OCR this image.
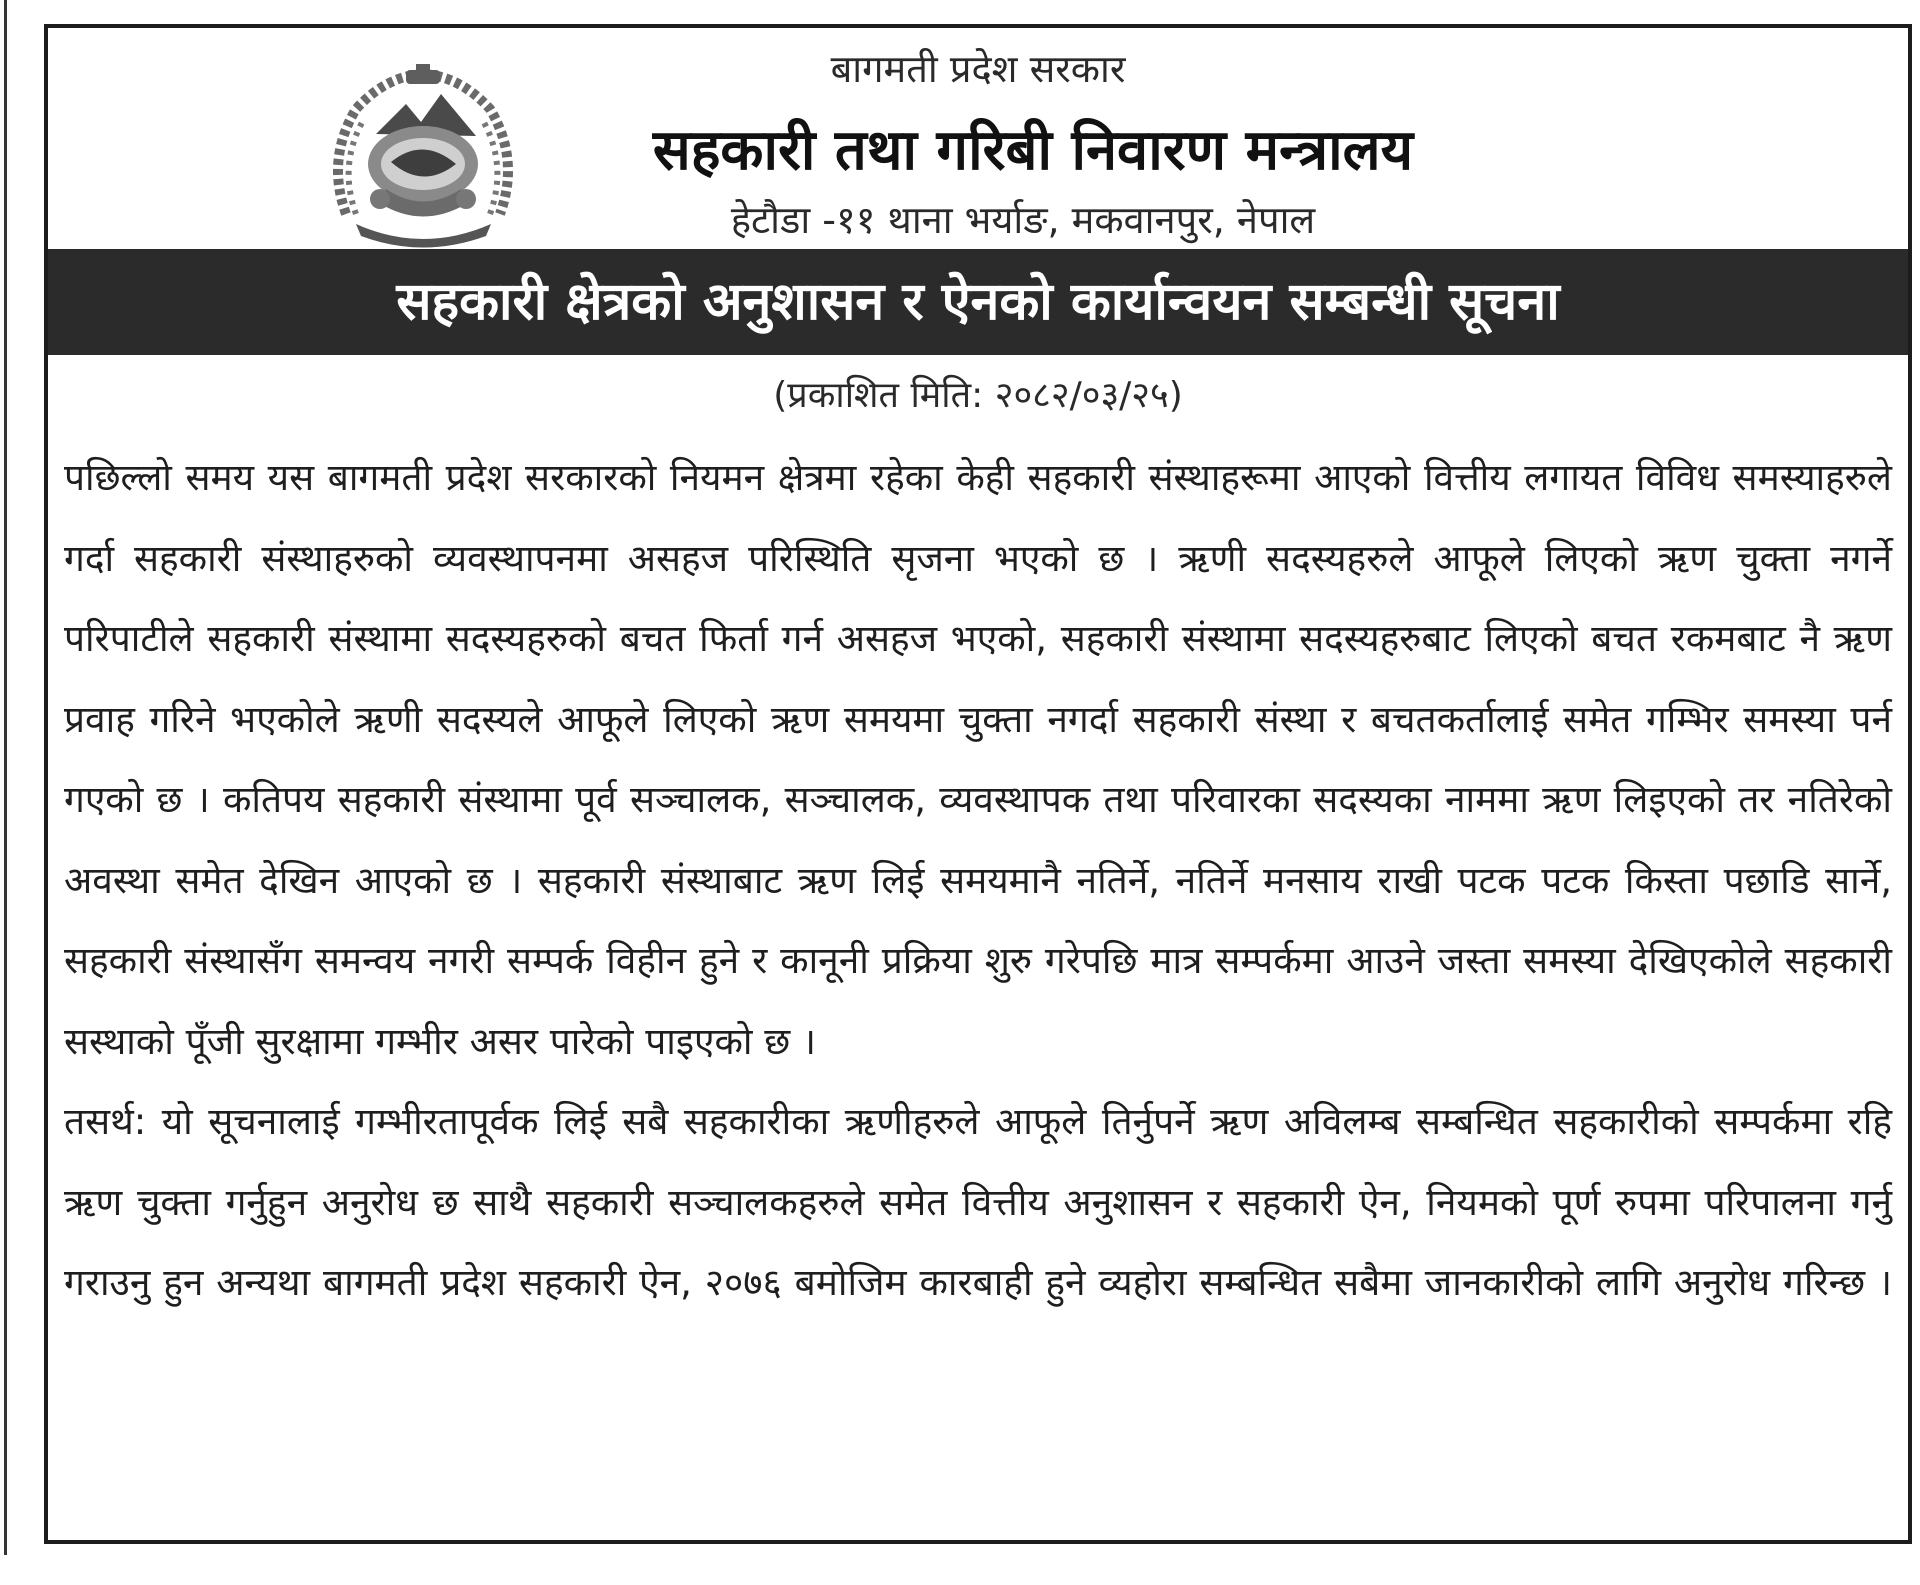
बागमती प्रदेश सरकार
सहकारी तथा गरिबी निवारण मन्त्रालय
हेटौडा -११ थाना भर्याङ, मकवानपुर, नेपाल
सहकारी क्षेत्रको अनुशासन र ऐनको कार्यान्वयन सम्बन्धी सूचना
(प्रकाशित मिति: २०८२/०३/२५)

पछिल्लो समय यस बागमती प्रदेश सरकारको नियमन क्षेत्रमा रहेका केही सहकारी संस्थाहरूमा आएको वित्तीय लगायत विविध समस्याहरुले गर्दा सहकारी संस्थाहरुको व्यवस्थापनमा असहज परिस्थिति सृजना भएको छ । ऋणी सदस्यहरुले आफूले लिएको ऋण चुक्ता नगर्ने परिपाटीले सहकारी संस्थामा सदस्यहरुको बचत फिर्ता गर्न असहज भएको, सहकारी संस्थामा सदस्यहरुबाट लिएको बचत रकमबाट नै ऋण प्रवाह गरिने भएकोले ऋणी सदस्यले आफूले लिएको ऋण समयमा चुक्ता नगर्दा सहकारी संस्था र बचतकर्तालाई समेत गम्भिर समस्या पर्न गएको छ । कतिपय सहकारी संस्थामा पूर्व सञ्चालक, सञ्चालक, व्यवस्थापक तथा परिवारका सदस्यका नाममा ऋण लिइएको तर नतिरेको अवस्था समेत देखिन आएको छ । सहकारी संस्थाबाट ऋण लिई समयमानै नतिर्ने, नतिर्ने मनसाय राखी पटक पटक किस्ता पछाडि सार्ने, सहकारी संस्थासँग समन्वय नगरी सम्पर्क विहीन हुने र कानूनी प्रक्रिया शुरु गरेपछि मात्र सम्पर्कमा आउने जस्ता समस्या देखिएकोले सहकारी सस्थाको पूँजी सुरक्षामा गम्भीर असर पारेको पाइएको छ ।

तसर्थ: यो सूचनालाई गम्भीरतापूर्वक लिई सबै सहकारीका ऋणीहरुले आफूले तिर्नुपर्ने ऋण अविलम्ब सम्बन्धित सहकारीको सम्पर्कमा रहि ऋण चुक्ता गर्नुहुन अनुरोध छ साथै सहकारी सञ्चालकहरुले समेत वित्तीय अनुशासन र सहकारी ऐन, नियमको पूर्ण रुपमा परिपालना गर्नु गराउनु हुन अन्यथा बागमती प्रदेश सहकारी ऐन, २०७६ बमोजिम कारबाही हुने व्यहोरा सम्बन्धित सबैमा जानकारीको लागि अनुरोध गरिन्छ ।
